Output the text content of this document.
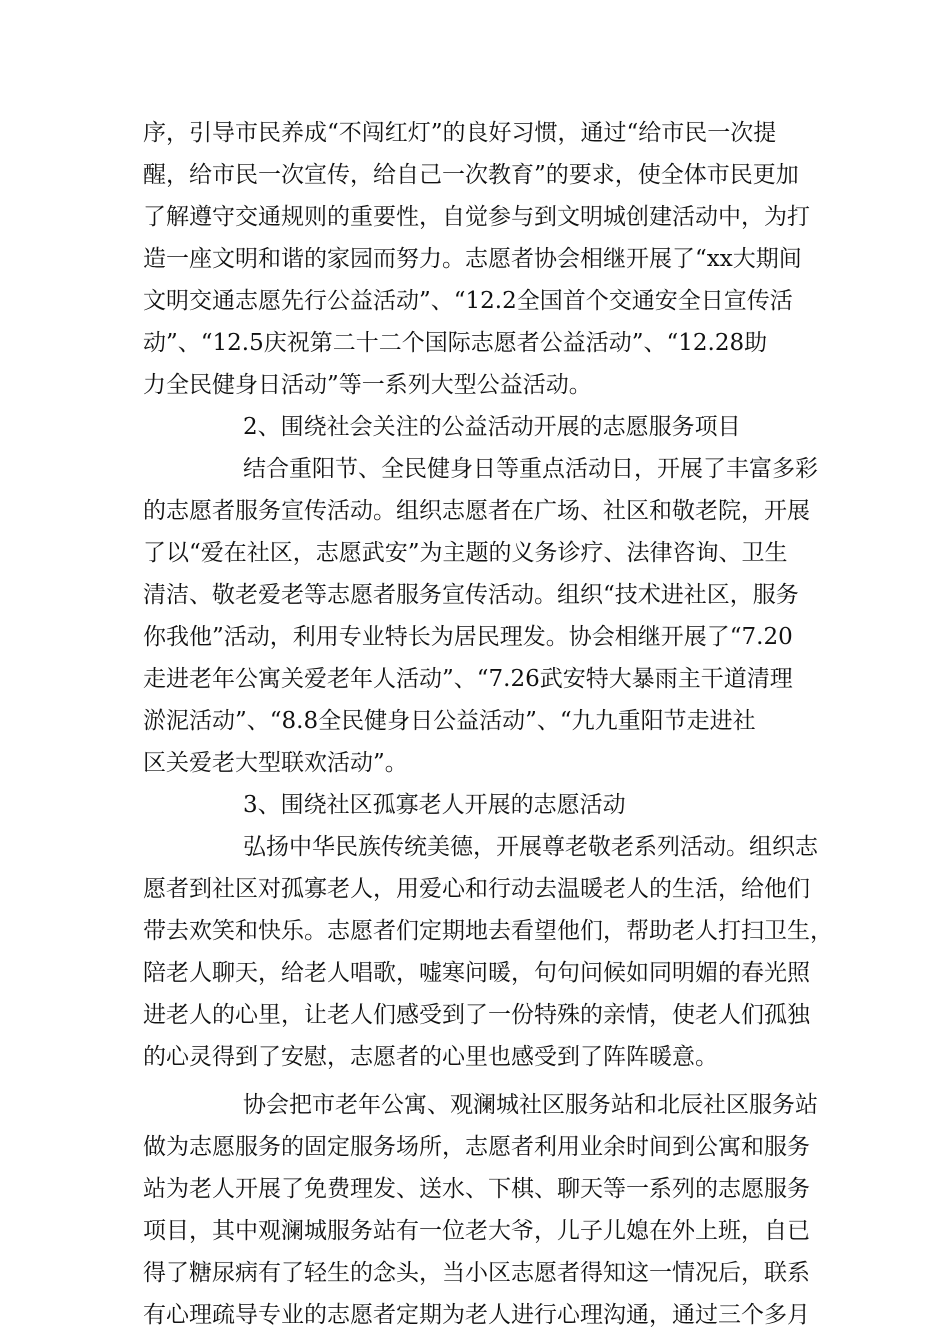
序，引导市民养成“不闯红灯”的良好习惯，通过“给市民一次提
醒，给市民一次宣传，给自己一次教育”的要求，使全体市民更加
了解遵守交通规则的重要性，自觉参与到文明城创建活动中，为打
造一座文明和谐的家园而努力。志愿者协会相继开展了“xx大期间
文明交通志愿先行公益活动”、“12.2全国首个交通安全日宣传活
动”、“12.5庆祝第二十二个国际志愿者公益活动”、“12.28助
力全民健身日活动”等一系列大型公益活动。
2、围绕社会关注的公益活动开展的志愿服务项目
结合重阳节、全民健身日等重点活动日，开展了丰富多彩
的志愿者服务宣传活动。组织志愿者在广场、社区和敬老院，开展
了以“爱在社区，志愿武安”为主题的义务诊疗、法律咨询、卫生
清洁、敬老爱老等志愿者服务宣传活动。组织“技术进社区，服务
你我他”活动，利用专业特长为居民理发。协会相继开展了“7.20
走进老年公寓关爱老年人活动”、“7.26武安特大暴雨主干道清理
淤泥活动”、“8.8全民健身日公益活动”、“九九重阳节走进社
区关爱老大型联欢活动”。
3、围绕社区孤寡老人开展的志愿活动
弘扬中华民族传统美德，开展尊老敬老系列活动。组织志
愿者到社区对孤寡老人，用爱心和行动去温暖老人的生活，给他们
带去欢笑和快乐。志愿者们定期地去看望他们，帮助老人打扫卫生，
陪老人聊天，给老人唱歌，嘘寒问暖，句句问候如同明媚的春光照
进老人的心里，让老人们感受到了一份特殊的亲情，使老人们孤独
的心灵得到了安慰，志愿者的心里也感受到了阵阵暖意。
协会把市老年公寓、观澜城社区服务站和北辰社区服务站
做为志愿服务的固定服务场所，志愿者利用业余时间到公寓和服务
站为老人开展了免费理发、送水、下棋、聊天等一系列的志愿服务
项目，其中观澜城服务站有一位老大爷，儿子儿媳在外上班，自已
得了糖尿病有了轻生的念头，当小区志愿者得知这一情况后，联系
有心理疏导专业的志愿者定期为老人进行心理沟通，通过三个多月
